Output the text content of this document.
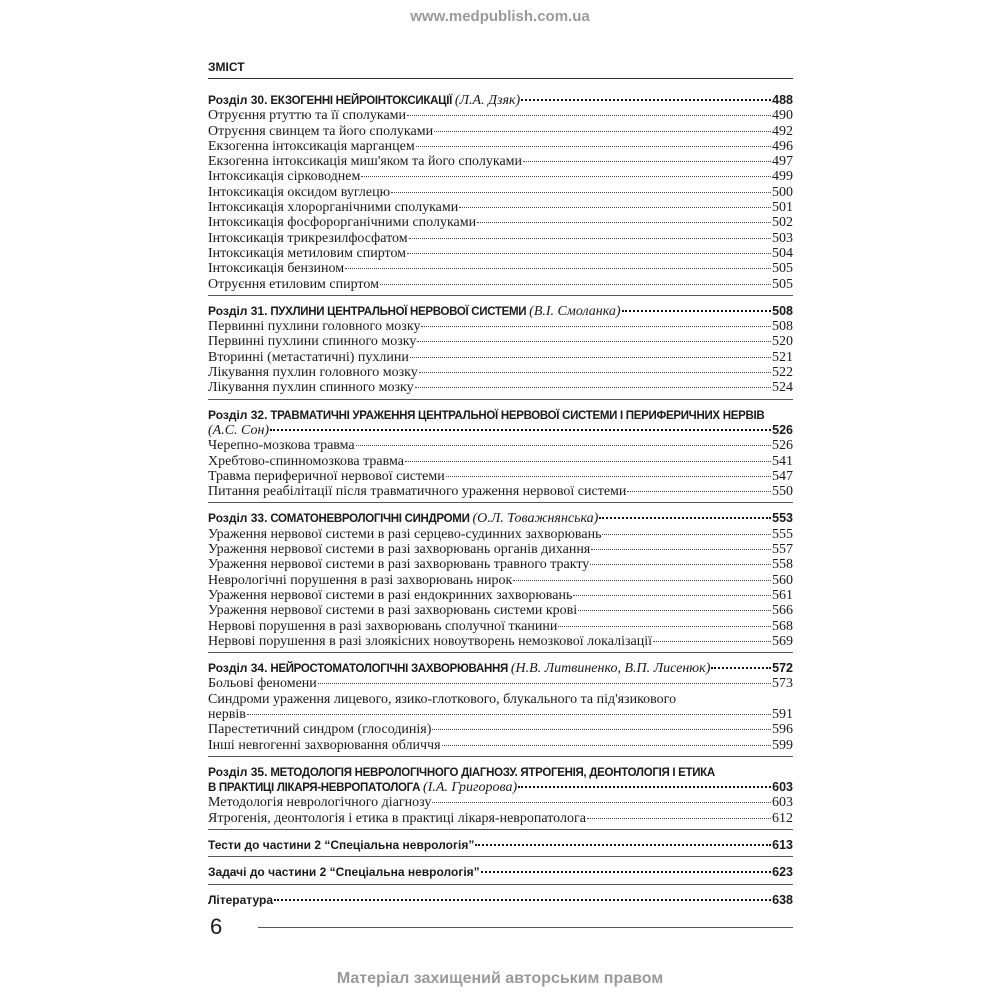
www.medpublish.com.ua
ЗМІСТ
Розділ 30. ЕКЗОГЕННІ НЕЙРОІНТОКСИКАЦІЇ (Л.А. Дзяк)	488
Отруєння ртуттю та її сполуками	490
Отруєння свинцем та його сполуками	492
Екзогенна інтоксикація марганцем	496
Екзогенна інтоксикація миш'яком та його сполуками	497
Інтоксикація сірководнем	499
Інтоксикація оксидом вуглецю	500
Інтоксикація хлорорганічними сполуками	501
Інтоксикація фосфорорганічними сполуками	502
Інтоксикація трикрезилфосфатом	503
Інтоксикація метиловим спиртом	504
Інтоксикація бензином	505
Отруєння етиловим спиртом	505
Розділ 31. ПУХЛИНИ ЦЕНТРАЛЬНОЇ НЕРВОВОЇ СИСТЕМИ (В.І. Смоланка)	508
Первинні пухлини головного мозку	508
Первинні пухлини спинного мозку	520
Вторинні (метастатичні) пухлини	521
Лікування пухлин головного мозку	522
Лікування пухлин спинного мозку	524
Розділ 32. ТРАВМАТИЧНІ УРАЖЕННЯ ЦЕНТРАЛЬНОЇ НЕРВОВОЇ СИСТЕМИ І ПЕРИФЕРИЧНИХ НЕРВІВ
(А.С. Сон)	526
Черепно-мозкова травма	526
Хребтово-спинномозкова травма	541
Травма периферичної нервової системи	547
Питання реабілітації після травматичного ураження нервової системи	550
Розділ 33. СОМАТОНЕВРОЛОГІЧНІ СИНДРОМИ (О.Л. Товажнянська)	553
Ураження нервової системи в разі серцево-судинних захворювань	555
Ураження нервової системи в разі захворювань органів дихання	557
Ураження нервової системи в разі захворювань травного тракту	558
Неврологічні порушення в разі захворювань нирок	560
Ураження нервової системи в разі ендокринних захворювань	561
Ураження нервової системи в разі захворювань системи крові	566
Нервові порушення в разі захворювань сполучної тканини	568
Нервові порушення в разі злоякісних новоутворень немозкової локалізації	569
Розділ 34. НЕЙРОСТОМАТОЛОГІЧНІ ЗАХВОРЮВАННЯ (Н.В. Литвиненко, В.П. Лисенюк)	572
Больові феномени	573
Синдроми ураження лицевого, язико-глоткового, блукального та під'язикового
нервів	591
Парестетичний синдром (глосодинія)	596
Інші невrогенні захворювання обличчя	599
Розділ 35. МЕТОДОЛОГІЯ НЕВРОЛОГІЧНОГО ДІАГНОЗУ. ЯТРОГЕНІЯ, ДЕОНТОЛОГІЯ І ЕТИКА
В ПРАКТИЦІ ЛІКАРЯ-НЕВРОПАТОЛОГА (І.А. Григорова)	603
Методологія неврологічного діагнозу	603
Ятрогенія, деонтологія і етика в практиці лікаря-невропатолога	612
Тести до частини 2 “Спеціальна неврологія”	613
Задачі до частини 2 “Спеціальна неврологія”	623
Література	638
6
Матеріал захищений авторським правом
